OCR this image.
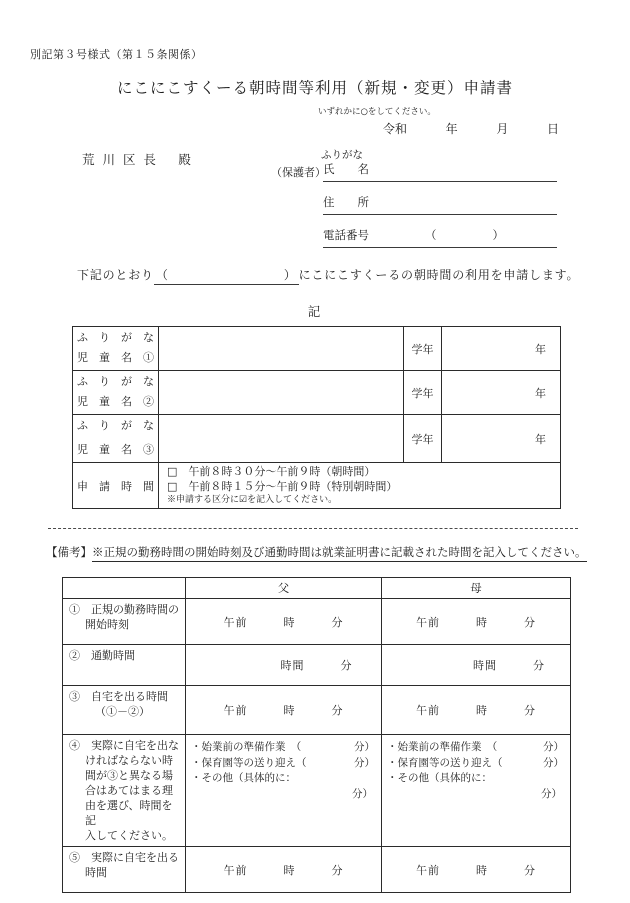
別記第３号様式（第１５条関係）
にこにこすくーる朝時間等利用（新規・変更）申請書
いずれかに○をしてください。
令和	年	月	日
荒 川 区 長　 殿	ふりがな
（保護者）
氏　　名
住　　所
電話番号	（　　　　）
下記のとおり （　　　　　　　　　） にこにこすくーるの朝時間の利用を申請します。
記
ふ　り　が　な
児　童　名　①		学年	年

ふ　り　が　な
児　童　名　②		学年	年

ふ　り　が　な
児　童　名　③		学年	年
申　請　時　間	□　午前８時３０分～午前９時（朝時間）
□　午前８時１５分～午前９時（特別朝時間）
※申請する区分に☑を記入してください。		
【備考】※正規の勤務時間の開始時刻及び通勤時間は就業証明書に記載された時間を記入してください。
	父	母

①　正規の勤務時間の
開始時刻	午前　　　時　　　分	午前　　　時　　　分

②　通勤時間	時間　　　分	時間　　　分

③　自宅を出る時間
（①－②）	午前　　　時　　　分	午前　　　時　　　分

④　実際に自宅を出な
ければならない時
間が③と異なる場
合はあてはまる理
由を選び、時間を記
入してください。

・始業前の準備作業　（	分）
・保育園等の送り迎え（	分）
・その他（具体的に：
分）

・始業前の準備作業　（	分）
・保育園等の送り迎え（	分）
・その他（具体的に：
分）

⑤　実際に自宅を出る
時間	午前　　　時　　　分	午前　　　時　　　分
